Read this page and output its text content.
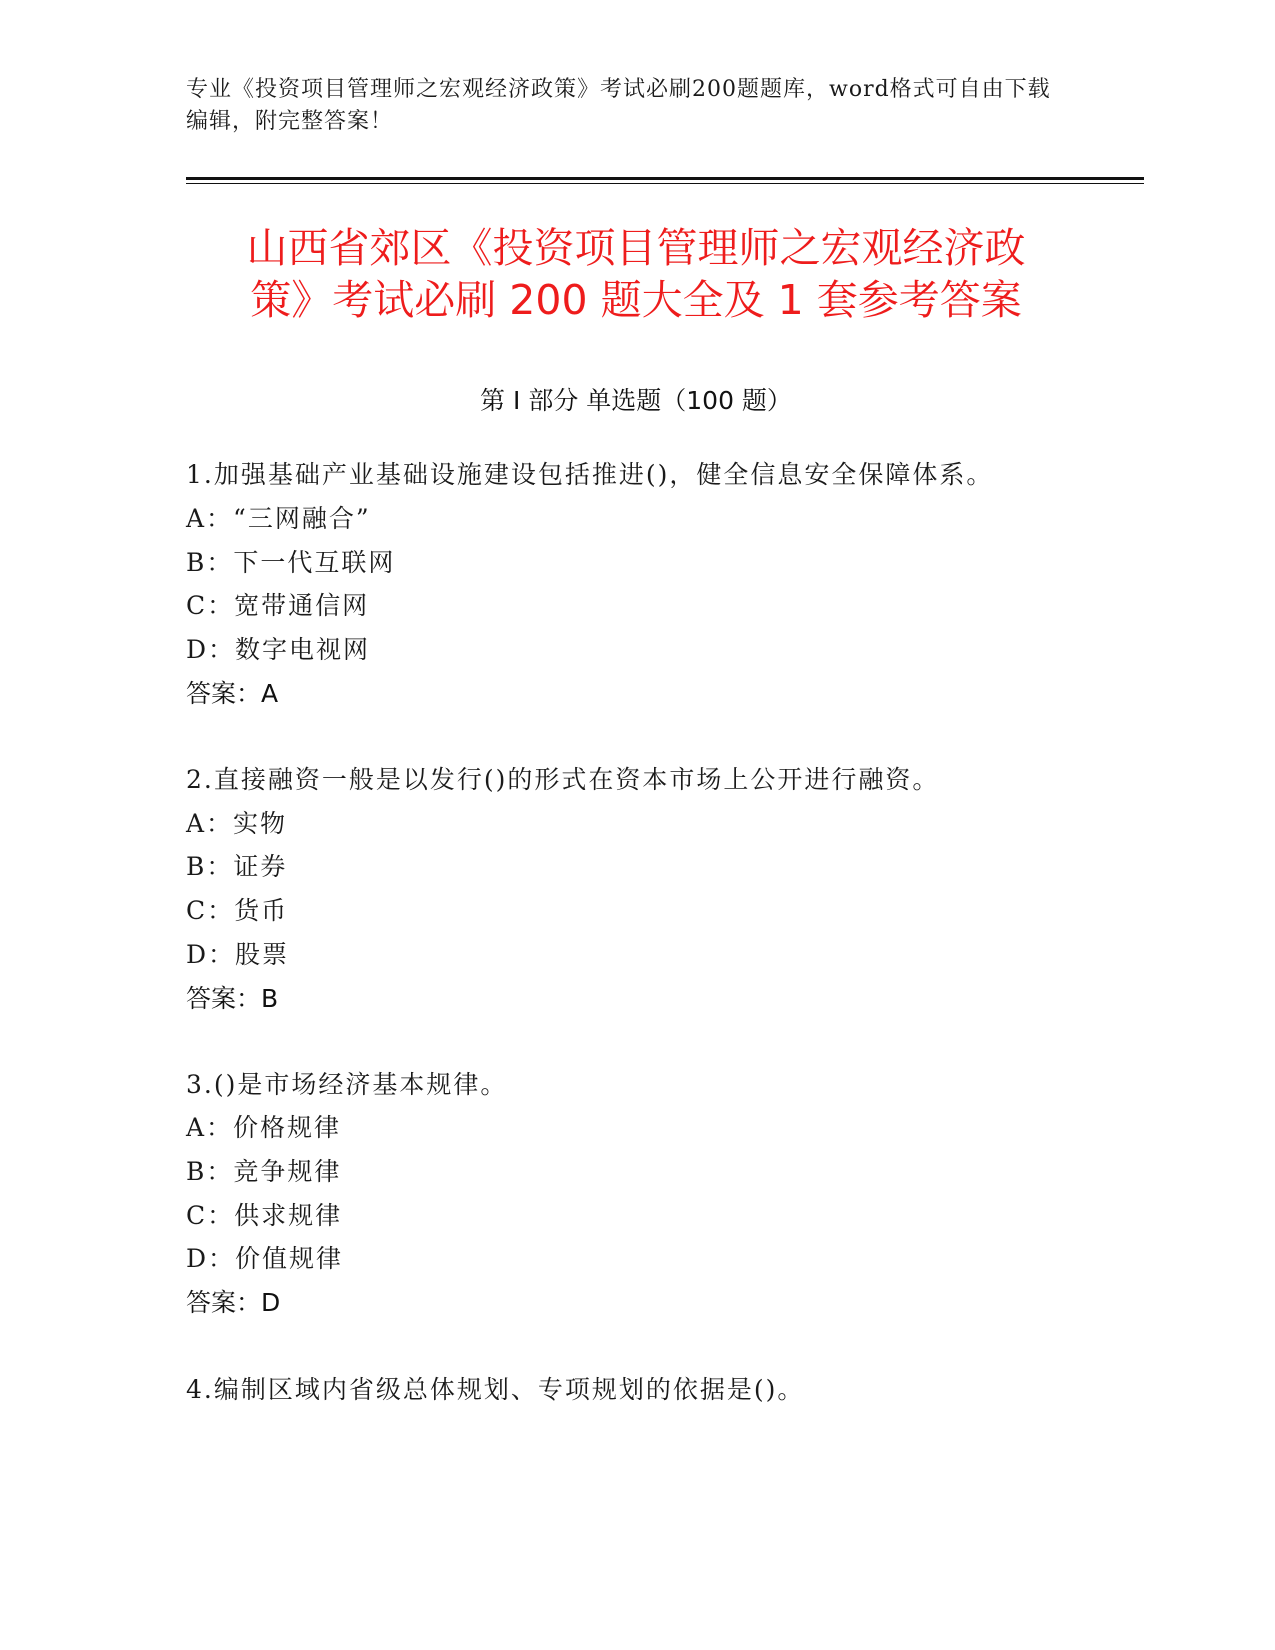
专业《投资项目管理师之宏观经济政策》考试必刷200题题库，word格式可自由下载编辑，附完整答案！
山西省郊区《投资项目管理师之宏观经济政
策》考试必刷 200 题大全及 1 套参考答案
第 I 部分 单选题（100 题）
1.加强基础产业基础设施建设包括推进()，健全信息安全保障体系。
A：“三网融合”
B：下一代互联网
C：宽带通信网
D：数字电视网
答案：A
2.直接融资一般是以发行()的形式在资本市场上公开进行融资。
A：实物
B：证券
C：货币
D：股票
答案：B
3.()是市场经济基本规律。
A：价格规律
B：竞争规律
C：供求规律
D：价值规律
答案：D
4.编制区域内省级总体规划、专项规划的依据是()。
